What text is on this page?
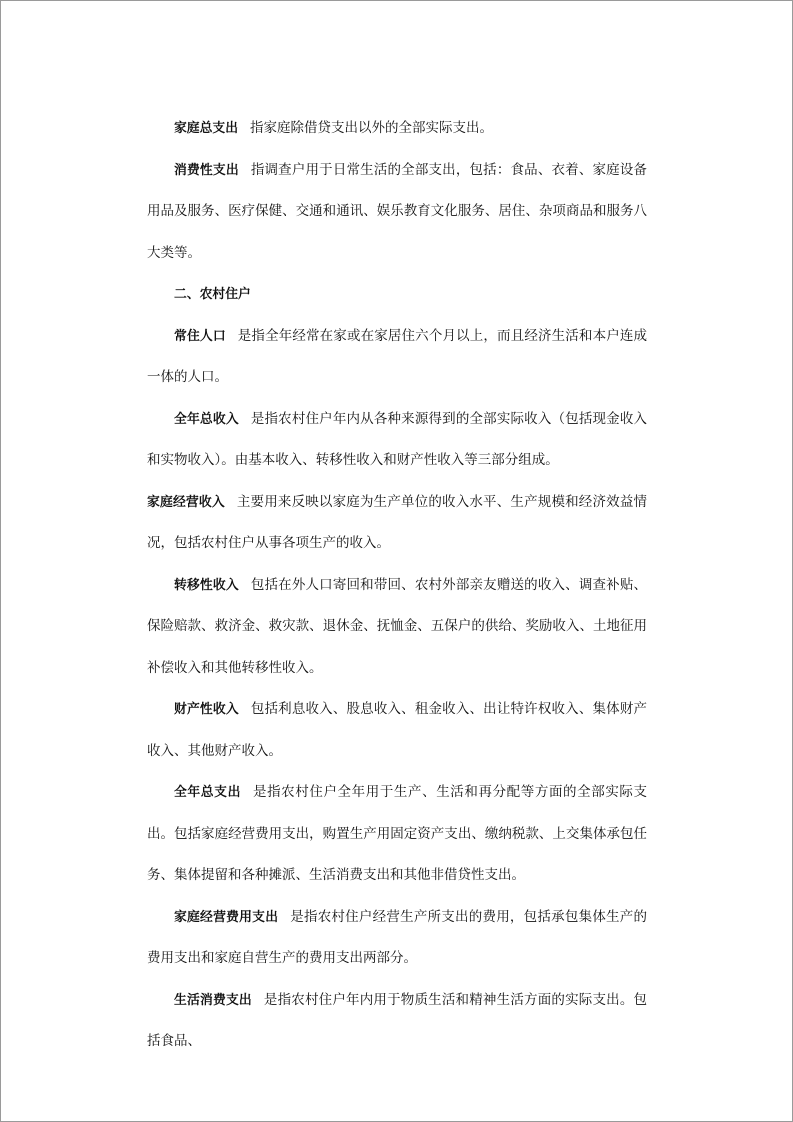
家庭总支出 指家庭除借贷支出以外的全部实际支出。

消费性支出 指调查户用于日常生活的全部支出，包括：食品、衣着、家庭设备用品及服务、医疗保健、交通和通讯、娱乐教育文化服务、居住、杂项商品和服务八大类等。

二、农村住户

常住人口 是指全年经常在家或在家居住六个月以上，而且经济生活和本户连成一体的人口。

全年总收入 是指农村住户年内从各种来源得到的全部实际收入（包括现金收入和实物收入）。由基本收入、转移性收入和财产性收入等三部分组成。

家庭经营收入 主要用来反映以家庭为生产单位的收入水平、生产规模和经济效益情况，包括农村住户从事各项生产的收入。

转移性收入 包括在外人口寄回和带回、农村外部亲友赠送的收入、调查补贴、保险赔款、救济金、救灾款、退休金、抚恤金、五保户的供给、奖励收入、土地征用补偿收入和其他转移性收入。

财产性收入 包括利息收入、股息收入、租金收入、出让特许权收入、集体财产收入、其他财产收入。

全年总支出 是指农村住户全年用于生产、生活和再分配等方面的全部实际支出。包括家庭经营费用支出，购置生产用固定资产支出、缴纳税款、上交集体承包任务、集体提留和各种摊派、生活消费支出和其他非借贷性支出。

家庭经营费用支出 是指农村住户经营生产所支出的费用，包括承包集体生产的费用支出和家庭自营生产的费用支出两部分。

生活消费支出 是指农村住户年内用于物质生活和精神生活方面的实际支出。包括食品、
